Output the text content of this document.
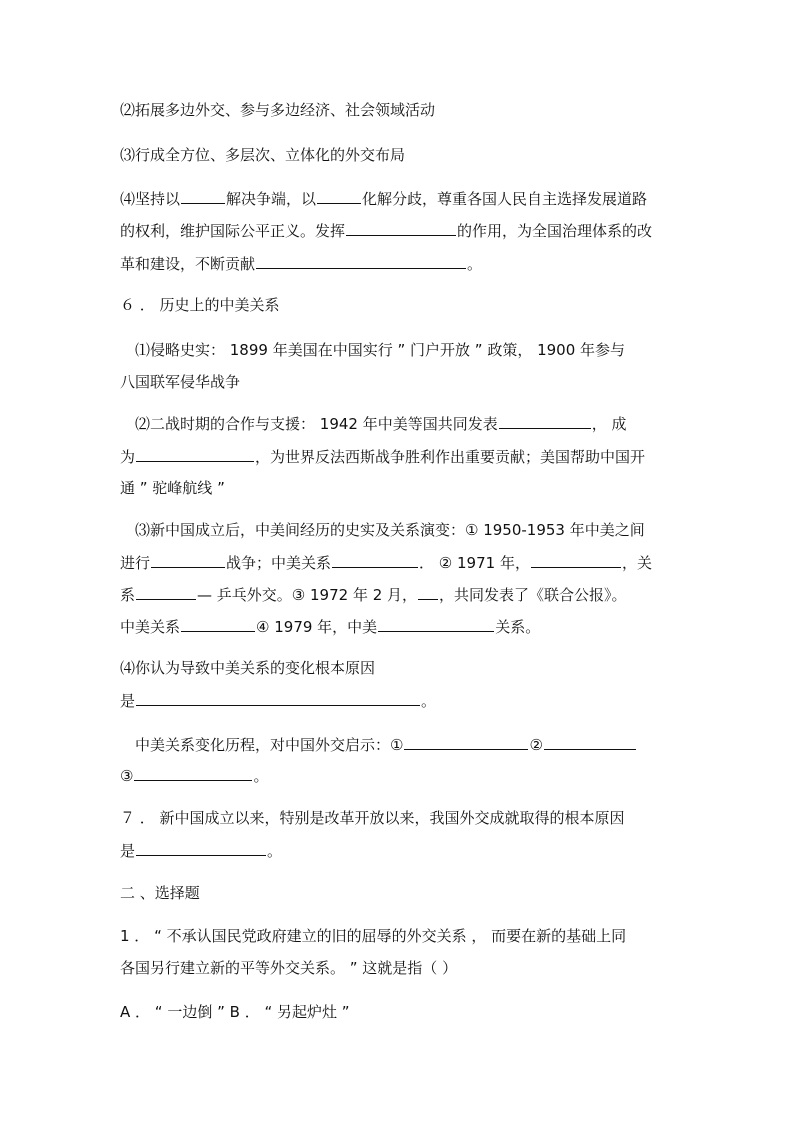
⑵拓展多边外交、参与多边经济、社会领域活动
⑶行成全方位、多层次、立体化的外交布局
⑷坚持以	解决争端，以	化解分歧，尊重各国人民自主选择发展道路
的权利，维护国际公平正义。发挥	的作用，为全国治理体系的改
革和建设，不断贡献	。
６ ． 历史上的中美关系
⑴侵略史实： 1899 年美国在中国实行 ” 门户开放 ” 政策， 1900 年参与
八国联军侵华战争
⑵二战时期的合作与支援： 1942 年中美等国共同发表	， 成
为	，为世界反法西斯战争胜利作出重要贡献；美国帮助中国开
通 ” 驼峰航线 ”
⑶新中国成立后，中美间经历的史实及关系演变：① 1950-1953 年中美之间
进行	战争；中美关系	． ② 1971 年，	，关
系	— 乒乓外交。③ 1972 年 2 月， ，共同发表了《联合公报》。
中美关系	④ 1979 年，中美	关系。
⑷你认为导致中美关系的变化根本原因
是	。
中美关系变化历程，对中国外交启示：①	②
③	。
７ ． 新中国成立以来，特别是改革开放以来，我国外交成就取得的根本原因
是	。
二 、选择题
1 ． “ 不承认国民党政府建立的旧的屈辱的外交关系 ， 而要在新的基础上同
各国另行建立新的平等外交关系。 ” 这就是指（ ）
A ． “ 一边倒 ” B ． “ 另起炉灶 ”
